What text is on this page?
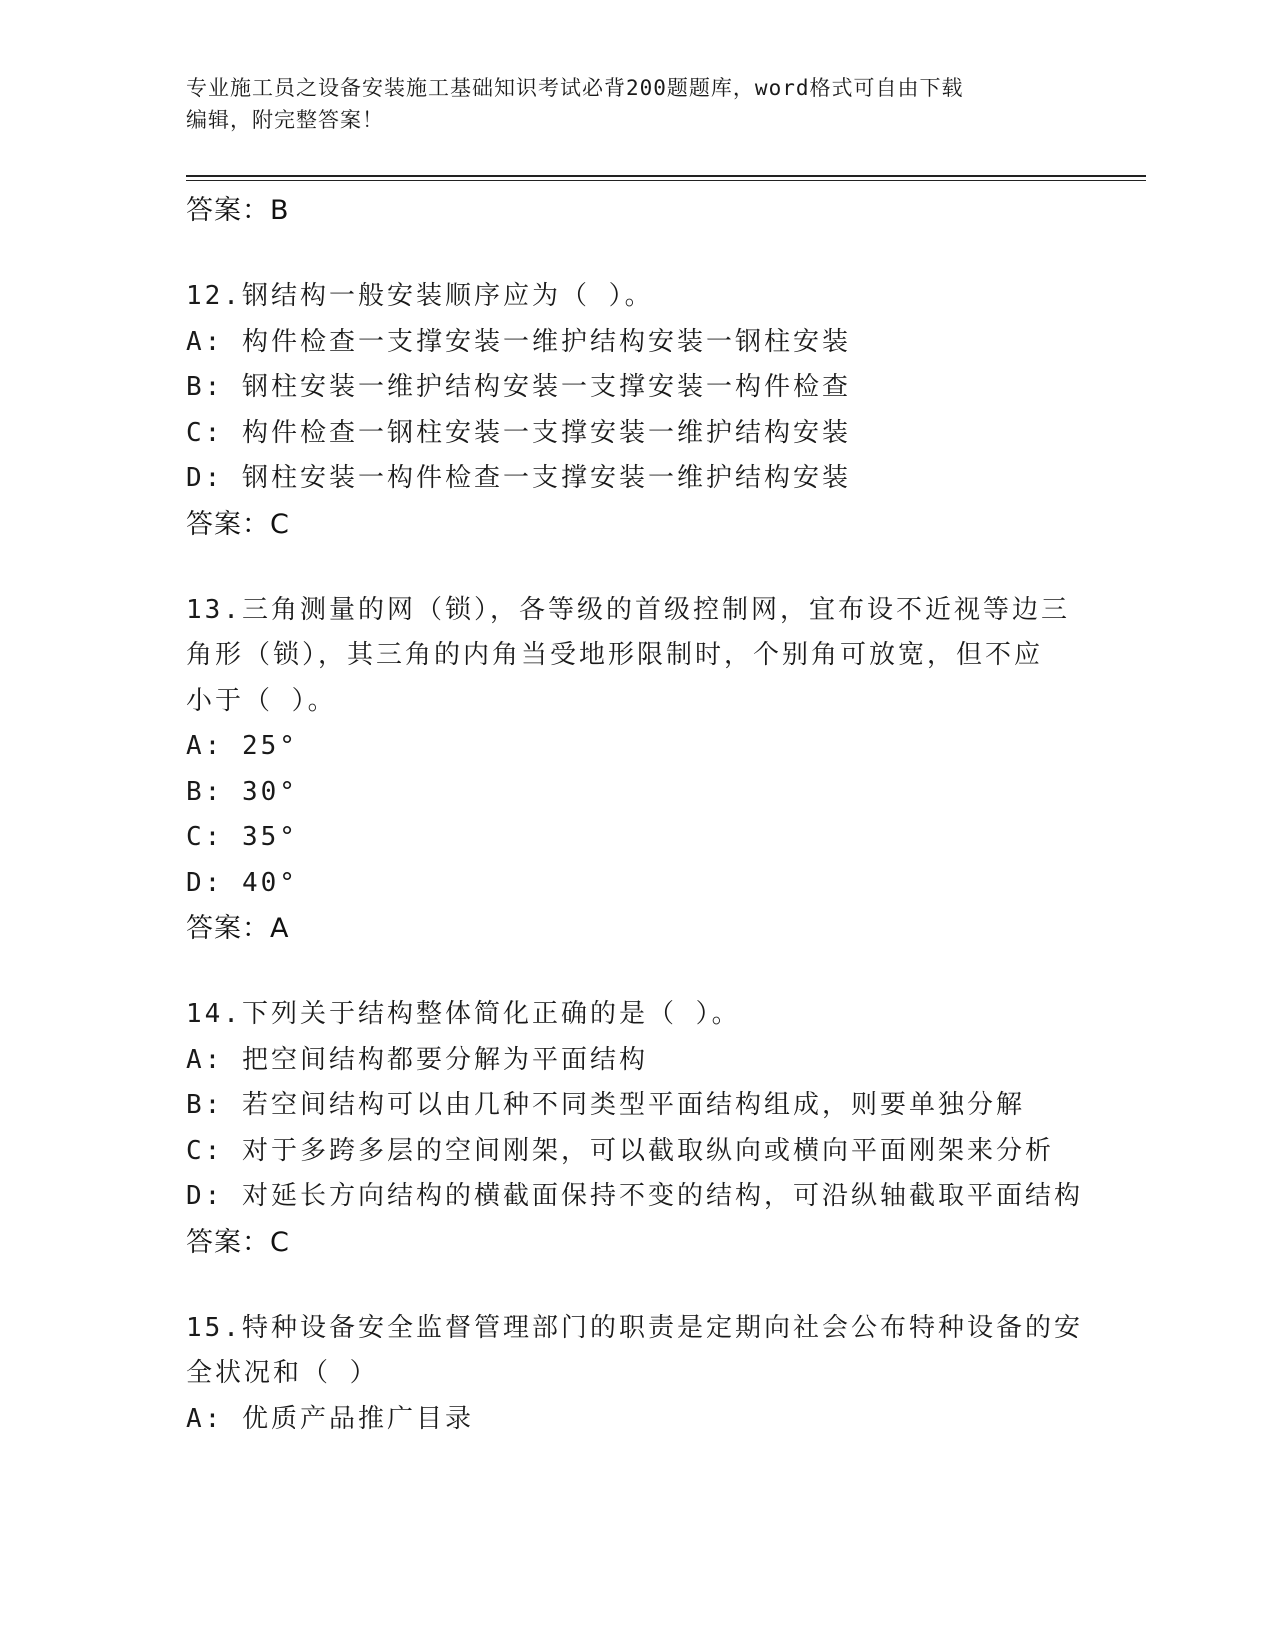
专业施工员之设备安装施工基础知识考试必背200题题库，word格式可自由下载
编辑，附完整答案！
答案：B
12.钢结构一般安装顺序应为（ ）。
A: 构件检查一支撑安装一维护结构安装一钢柱安装
B: 钢柱安装一维护结构安装一支撑安装一构件检查
C: 构件检查一钢柱安装一支撑安装一维护结构安装
D: 钢柱安装一构件检查一支撑安装一维护结构安装
答案：C
13.三角测量的网（锁），各等级的首级控制网，宜布设不近视等边三
角形（锁），其三角的内角当受地形限制时，个别角可放宽，但不应
小于（ ）。
A: 25°
B: 30°
C: 35°
D: 40°
答案：A
14.下列关于结构整体简化正确的是（ ）。
A: 把空间结构都要分解为平面结构
B: 若空间结构可以由几种不同类型平面结构组成，则要单独分解
C: 对于多跨多层的空间刚架，可以截取纵向或横向平面刚架来分析
D: 对延长方向结构的横截面保持不变的结构，可沿纵轴截取平面结构
答案：C
15.特种设备安全监督管理部门的职责是定期向社会公布特种设备的安
全状况和（ ）
A: 优质产品推广目录
